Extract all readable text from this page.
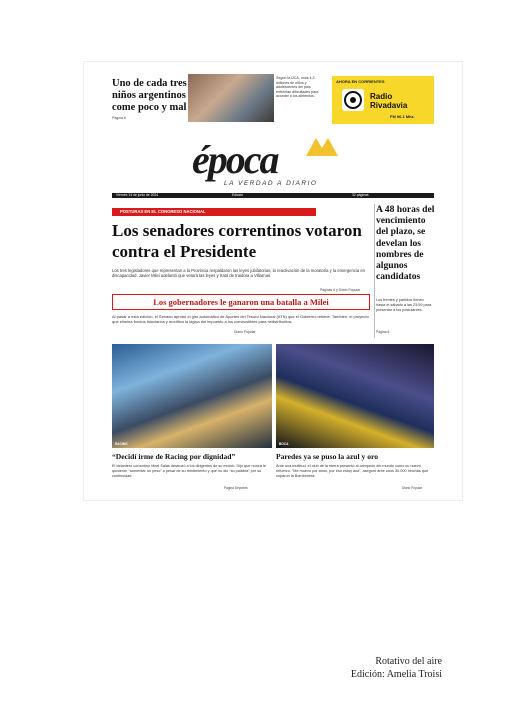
Uno de cada tres niños argentinos come poco y mal
Página 6
Según la UCA, unos 4,3 millones de niños y adolescentes del país enfrentan dificultades para acceder a los alimentos.
AHORA EN CORRIENTES
Radio Rivadavia
FM 96.1 Mhz.
época
LA VERDAD A DIARIO
Viernes 14 de junio de 2024	Edición	32 páginas
POSTURAS EN EL CONGRESO NACIONAL
Los senadores correntinos votaron contra el Presidente
Los tres legisladores que representan a la Provincia respaldaron las leyes jubilatorias, la reactivación de la moratoria y la emergencia en discapacidad. Javier Milei adelantó que vetará las leyes y trató de traidora a Villarruel.
Páginas 6 y Diario Popular
Los gobernadores le ganaron una batalla a Milei
Al pasar a esta edición, el Senado aprobó el giro automático de Aportes del Tesoro Nacional (ATN) que el Gobierno retiene. También, el proyecto que elimina fondos fiduciarios y modifica la lógica del impuesto a los combustibles para redistribuirlos.
Diario Popular
A 48 horas del vencimiento del plazo, se develan los nombres de algunos candidatos
Los frentes y partidos tienen hasta el sábado a las 23:59 para presentar a los postulantes.
Página 8
RACING	BOCA
“Decidí irme de Racing por dignidad”
El delantero correntino Maxi Salas destrozó a los dirigentes de su exclub. Dijo que nunca le quisieron “aumentar un peso” a pesar de su rendimiento y que no dio “su palabra” por su continuidad.
Página Deportes
Paredes ya se puso la azul y oro
Ante una multitud, el club de la ribera presentó al campeón del mundo como su nuevo refuerzo. “Me muevo por amor, por eso estoy acá”, aseguró ante unos 30.000 hinchas que coparon la Bombonera.
Diario Popular
Rotativo del aire
Edición: Amelia Troisi
